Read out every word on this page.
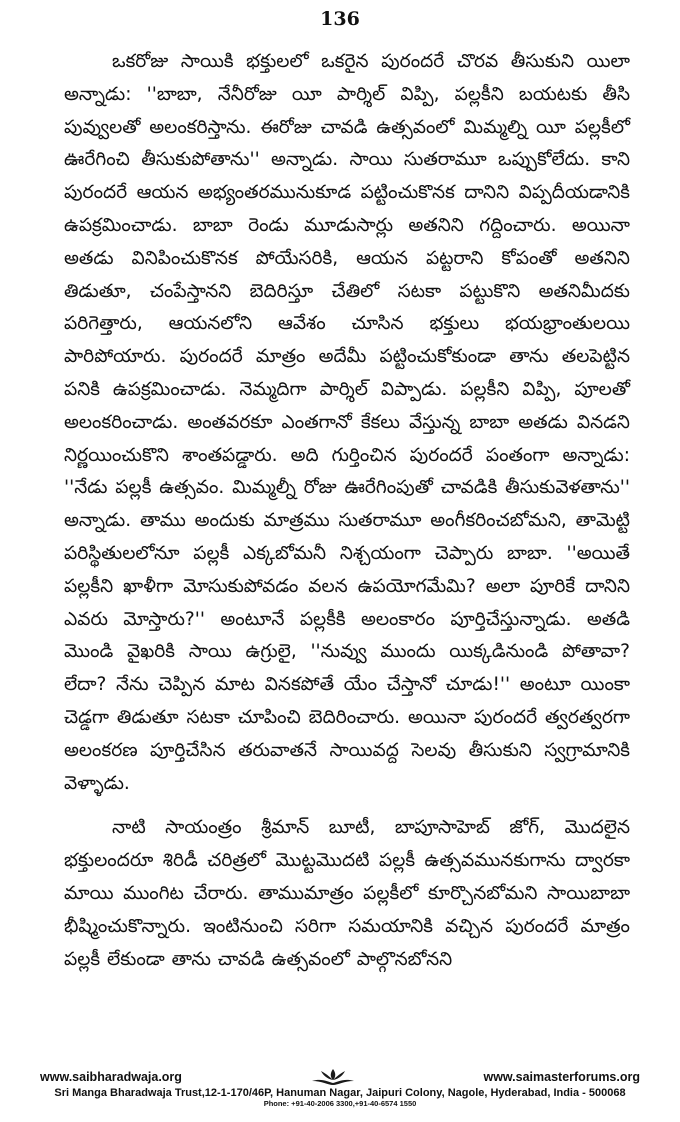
136

ఒకరోజు సాయికి భక్తులలో ఒకరైన పురందరే చొరవ తీసుకుని యిలా అన్నాడు: ''బాబా, నేనీరోజు యీ పార్శిల్ విప్పి, పల్లకీని బయటకు తీసి పువ్వులతో అలంకరిస్తాను. ఈరోజు చావడి ఉత్సవంలో మిమ్మల్ని యీ పల్లకీలో ఊరేగించి తీసుకుపోతాను'' అన్నాడు. సాయి సుతరామూ ఒప్పుకోలేదు. కాని పురందరే ఆయన అభ్యంతరమునుకూడ పట్టించుకొనక దానిని విప్పదీయడానికి ఉపక్రమించాడు. బాబా రెండు మూడుసార్లు అతనిని గద్దించారు. అయినా అతడు వినిపించుకొనక పోయేసరికి, ఆయన పట్టరాని కోపంతో అతనిని తిడుతూ, చంపేస్తానని బెదిరిస్తూ చేతిలో సటకా పట్టుకొని అతనిమీదకు పరిగెత్తారు, ఆయనలోని ఆవేశం చూసిన భక్తులు భయభ్రాంతులయి పారిపోయారు. పురందరే మాత్రం అదేమీ పట్టించుకోకుండా తాను తలపెట్టిన పనికి ఉపక్రమించాడు. నెమ్మదిగా పార్శిల్ విప్పాడు. పల్లకీని విప్పి, పూలతో అలంకరించాడు. అంతవరకూ ఎంతగానో కేకలు వేస్తున్న బాబా అతడు వినడని నిర్ణయించుకొని శాంతపడ్డారు. అది గుర్తించిన పురందరే పంతంగా అన్నాడు: ''నేడు పల్లకీ ఉత్సవం. మిమ్మల్నీ రోజు ఊరేగింపుతో చావడికి తీసుకువెళతాను'' అన్నాడు. తాము అందుకు మాత్రము సుతరామూ అంగీకరించబోమని, తామెట్టి పరిస్థితులలోనూ పల్లకీ ఎక్కబోమనీ నిశ్చయంగా చెప్పారు బాబా. ''అయితే పల్లకీని ఖాళీగా మోసుకుపోవడం వలన ఉపయోగమేమి? అలా పూరికే దానిని ఎవరు మోస్తారు?'' అంటూనే పల్లకీకి అలంకారం పూర్తిచేస్తున్నాడు. అతడి మొండి వైఖరికి సాయి ఉగ్రులై, ''నువ్వు ముందు యిక్కడినుండి పోతావా? లేదా? నేను చెప్పిన మాట వినకపోతే యేం చేస్తానో చూడు!'' అంటూ యింకా చెడ్డగా తిడుతూ సటకా చూపించి బెదిరించారు. అయినా పురందరే త్వరత్వరగా అలంకరణ పూర్తిచేసిన తరువాతనే సాయివద్ద సెలవు తీసుకుని స్వగ్రామానికి వెళ్ళాడు.

నాటి సాయంత్రం శ్రీమాన్ బూటీ, బాపూసాహెబ్ జోగ్, మొదలైన భక్తులందరూ శిరిడీ చరిత్రలో మొట్టమొదటి పల్లకీ ఉత్సవమునకుగాను ద్వారకా మాయి ముంగిట చేరారు. తాముమాత్రం పల్లకీలో కూర్చొనబోమని సాయిబాబా భీష్మించుకొన్నారు. ఇంటినుంచి సరిగా సమయానికి వచ్చిన పురందరే మాత్రం పల్లకీ లేకుండా తాను చావడి ఉత్సవంలో పాల్గొనబోనని

www.saibharadwaja.org	www.saimasterforums.org
Sri Manga Bharadwaja Trust,12-1-170/46P, Hanuman Nagar, Jaipuri Colony, Nagole, Hyderabad, India - 500068
Phone: +91-40-2006 3300,+91-40-6574 1550
